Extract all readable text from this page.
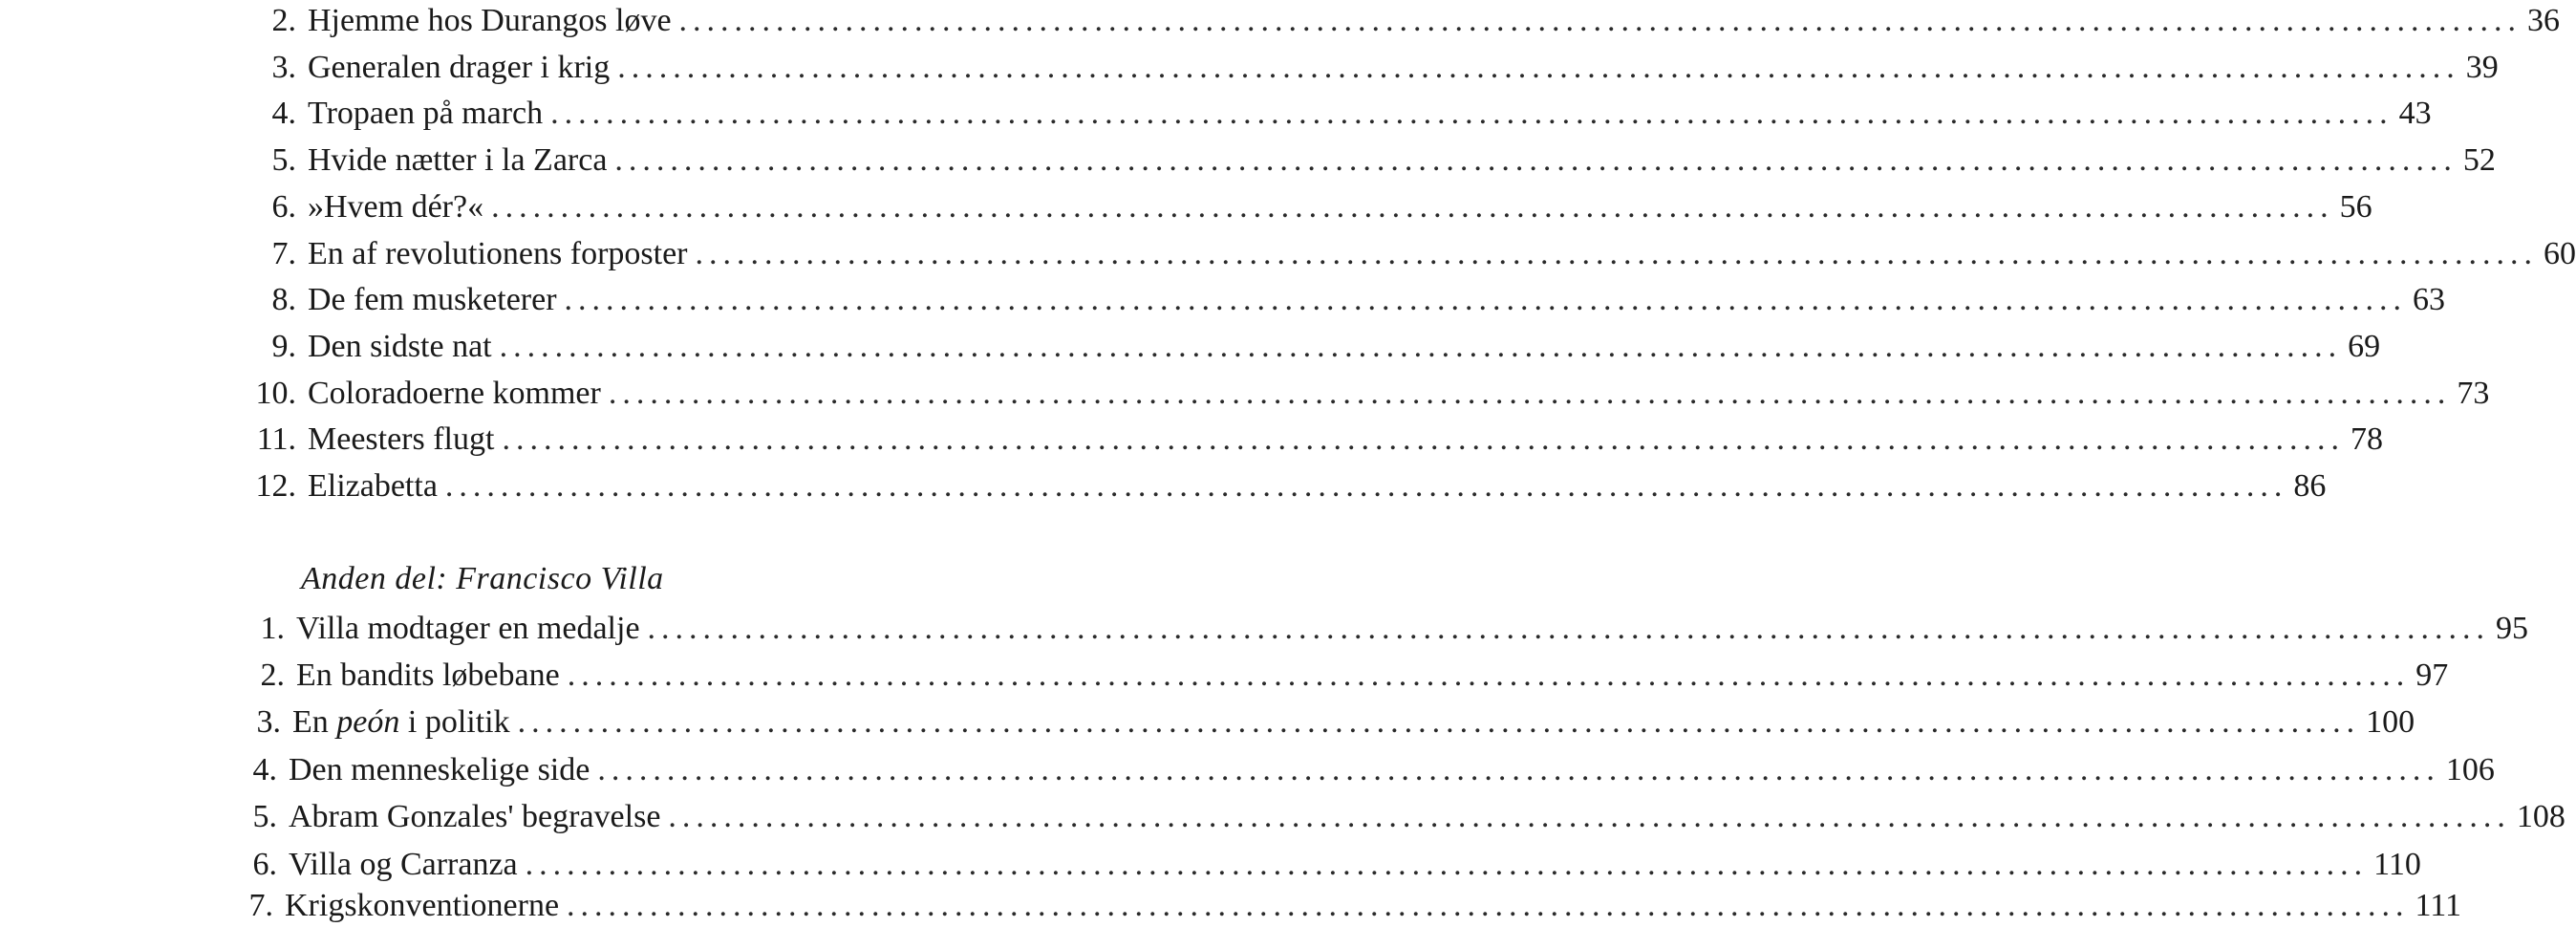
2. Hjemme hos Durangos løve ..................................................................................................................................... 36
3. Generalen drager i krig ..................................................................................................................................... 39
4. Tropaen på march ..................................................................................................................................... 43
5. Hvide nætter i la Zarca ..................................................................................................................................... 52
6. »Hvem dér?« ..................................................................................................................................... 56
7. En af revolutionens forposter ..................................................................................................................................... 60
8. De fem musketerer ..................................................................................................................................... 63
9. Den sidste nat ..................................................................................................................................... 69
10. Coloradoerne kommer ..................................................................................................................................... 73
11. Meesters flugt ..................................................................................................................................... 78
12. Elizabetta ..................................................................................................................................... 86
Anden del: Francisco Villa
1. Villa modtager en medalje ..................................................................................................................................... 95
2. En bandits løbebane ..................................................................................................................................... 97
3. En peón i politik ..................................................................................................................................... 100
4. Den menneskelige side ..................................................................................................................................... 106
5. Abram Gonzales' begravelse ..................................................................................................................................... 108
6. Villa og Carranza ..................................................................................................................................... 110
7. Krigskonventionerne ..................................................................................................................................... 111
